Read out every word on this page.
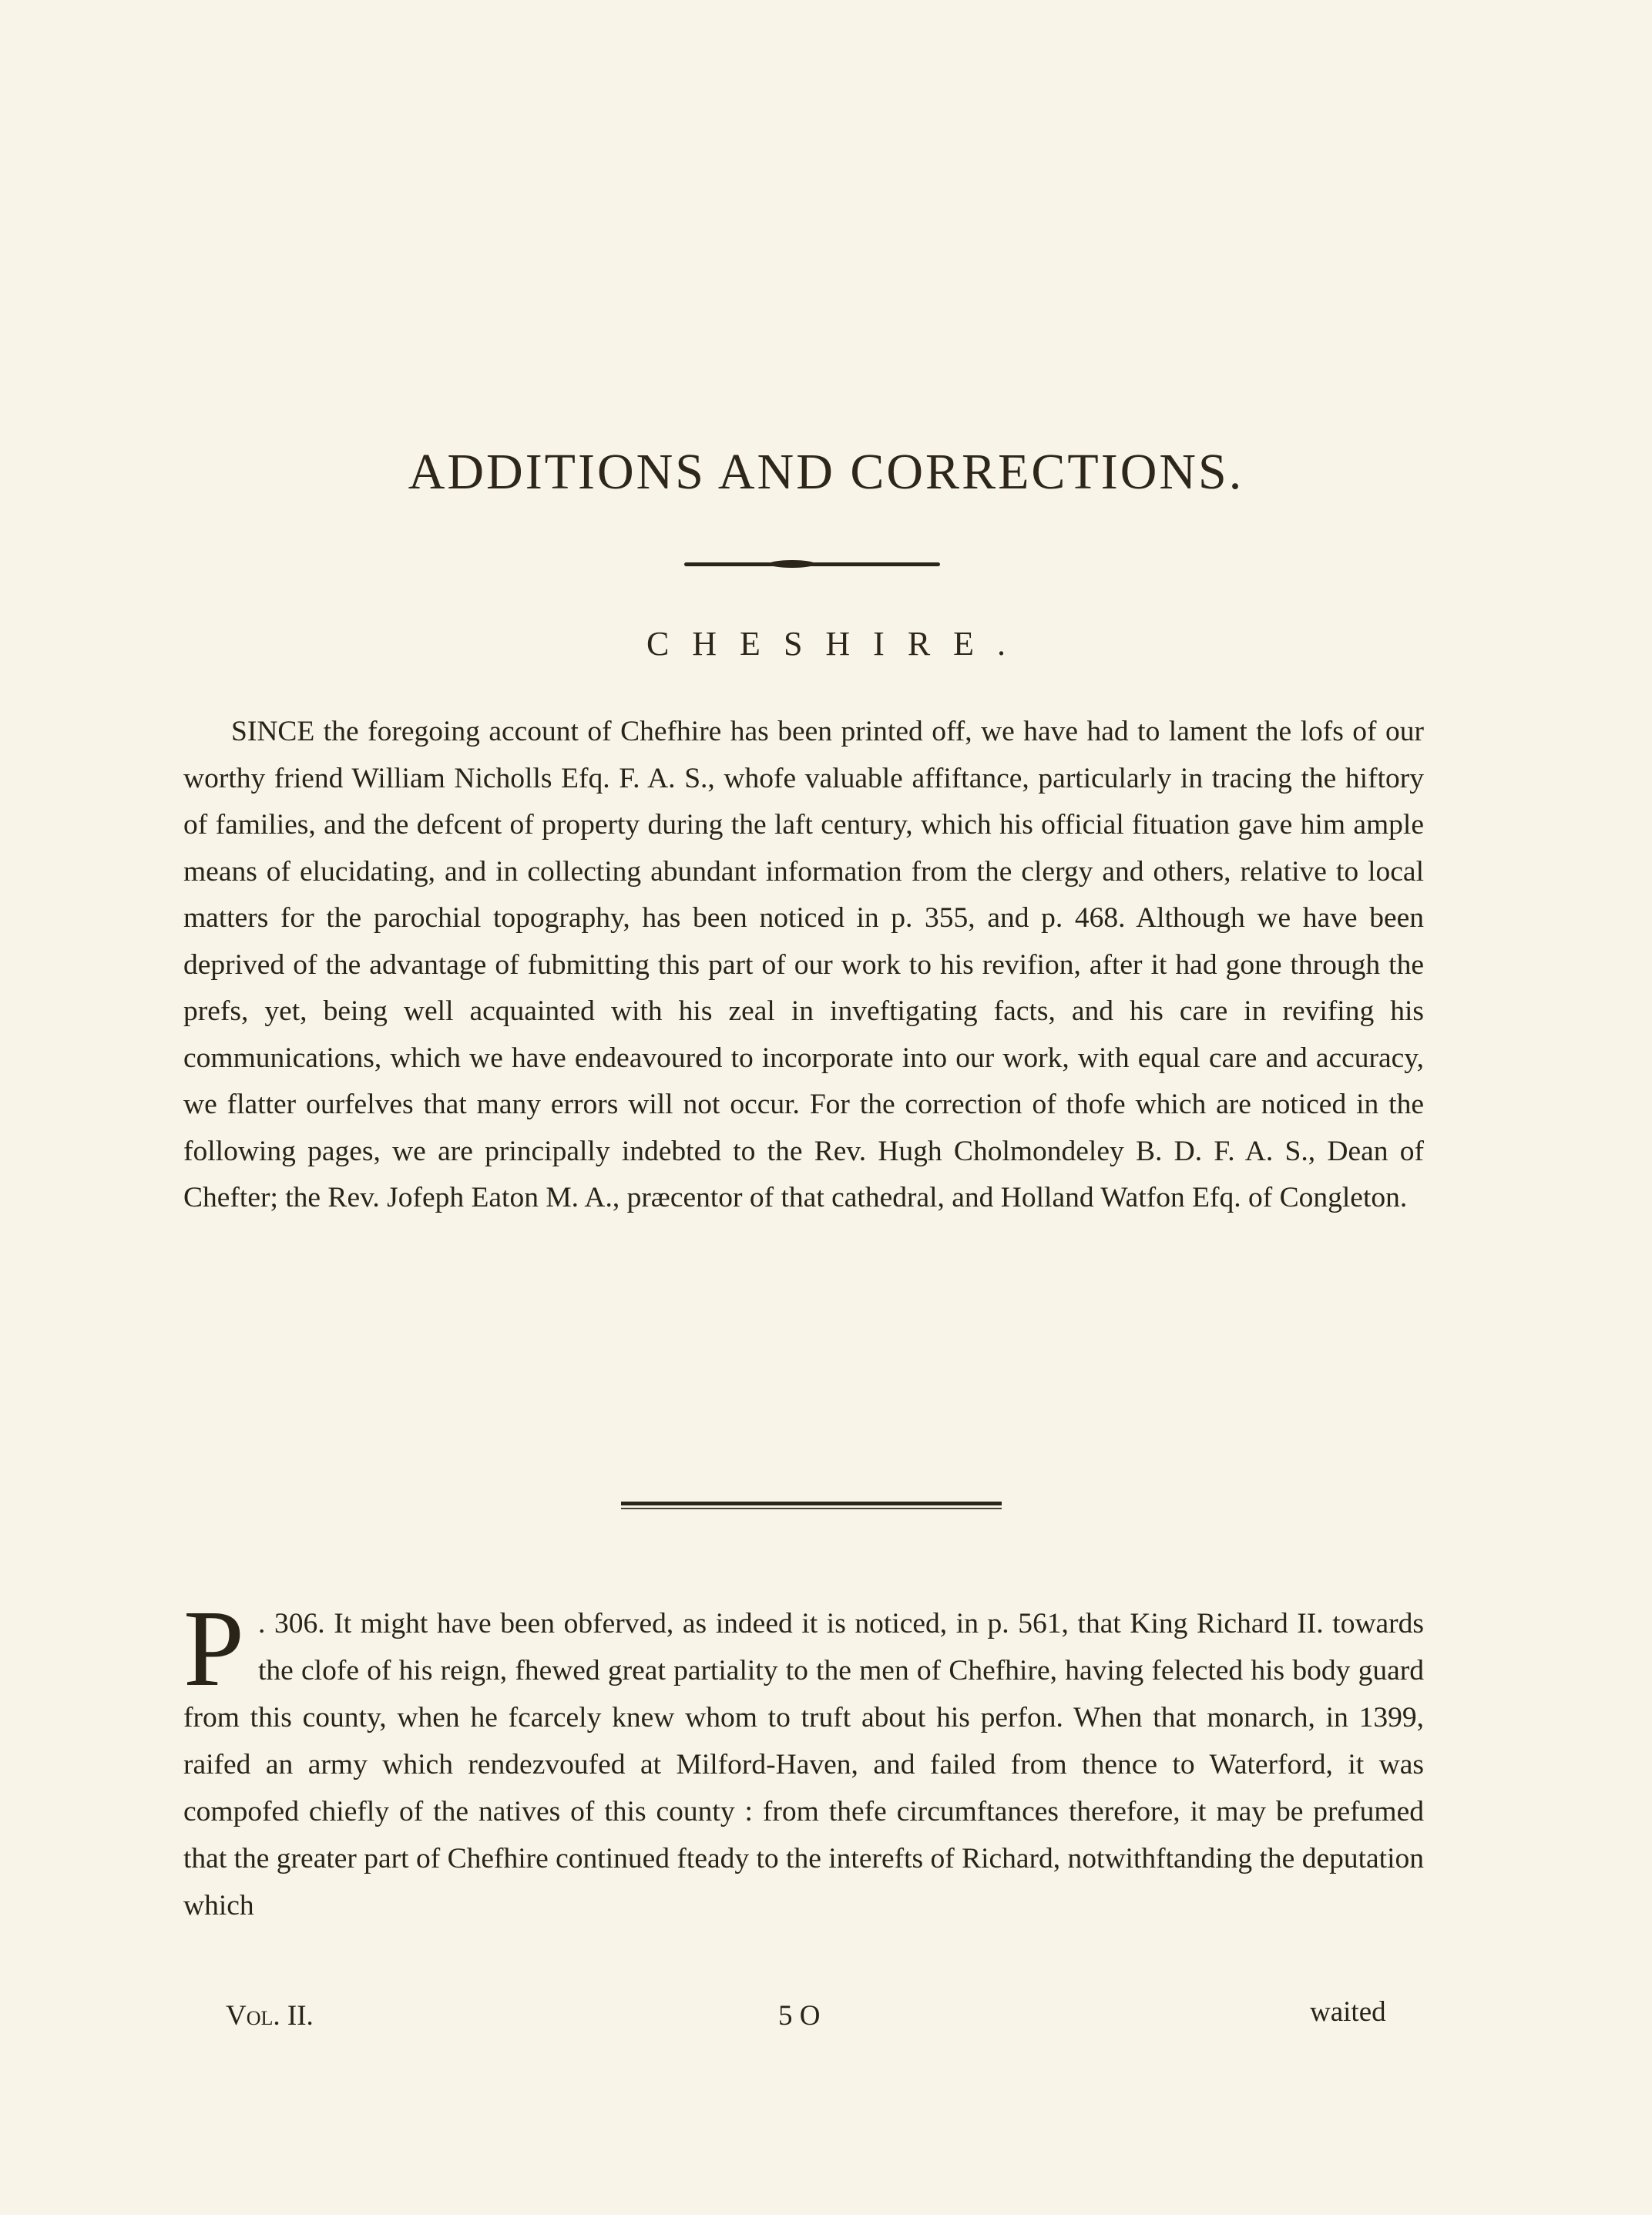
ADDITIONS AND CORRECTIONS.
CHESHIRE.

SINCE the foregoing account of Chefhire has been printed off, we have had to lament the lofs of our worthy friend William Nicholls Efq. F. A. S., whofe valuable affiftance, particularly in tracing the hiftory of families, and the defcent of property during the laft century, which his official fituation gave him ample means of elucidating, and in collecting abundant information from the clergy and others, relative to local matters for the parochial topography, has been noticed in p. 355, and p. 468. Although we have been deprived of the advantage of fubmitting this part of our work to his revifion, after it had gone through the prefs, yet, being well acquainted with his zeal in inveftigating facts, and his care in revifing his communications, which we have endeavoured to incorporate into our work, with equal care and accuracy, we flatter ourfelves that many errors will not occur. For the correction of thofe which are noticed in the following pages, we are principally indebted to the Rev. Hugh Cholmondeley B. D. F. A. S., Dean of Chefter; the Rev. Jofeph Eaton M. A., præcentor of that cathedral, and Holland Watfon Efq. of Congleton.

P . 306. It might have been obferved, as indeed it is noticed, in p. 561, that King Richard II. towards the clofe of his reign, fhewed great partiality to the men of Chefhire, having felected his body guard from this county, when he fcarcely knew whom to truft about his perfon. When that monarch, in 1399, raifed an army which rendezvoufed at Milford-Haven, and failed from thence to Waterford, it was compofed chiefly of the natives of this county : from thefe circumftances therefore, it may be prefumed that the greater part of Chefhire continued fteady to the interefts of Richard, notwithftanding the deputation which

Vol. II.	5 O	waited
